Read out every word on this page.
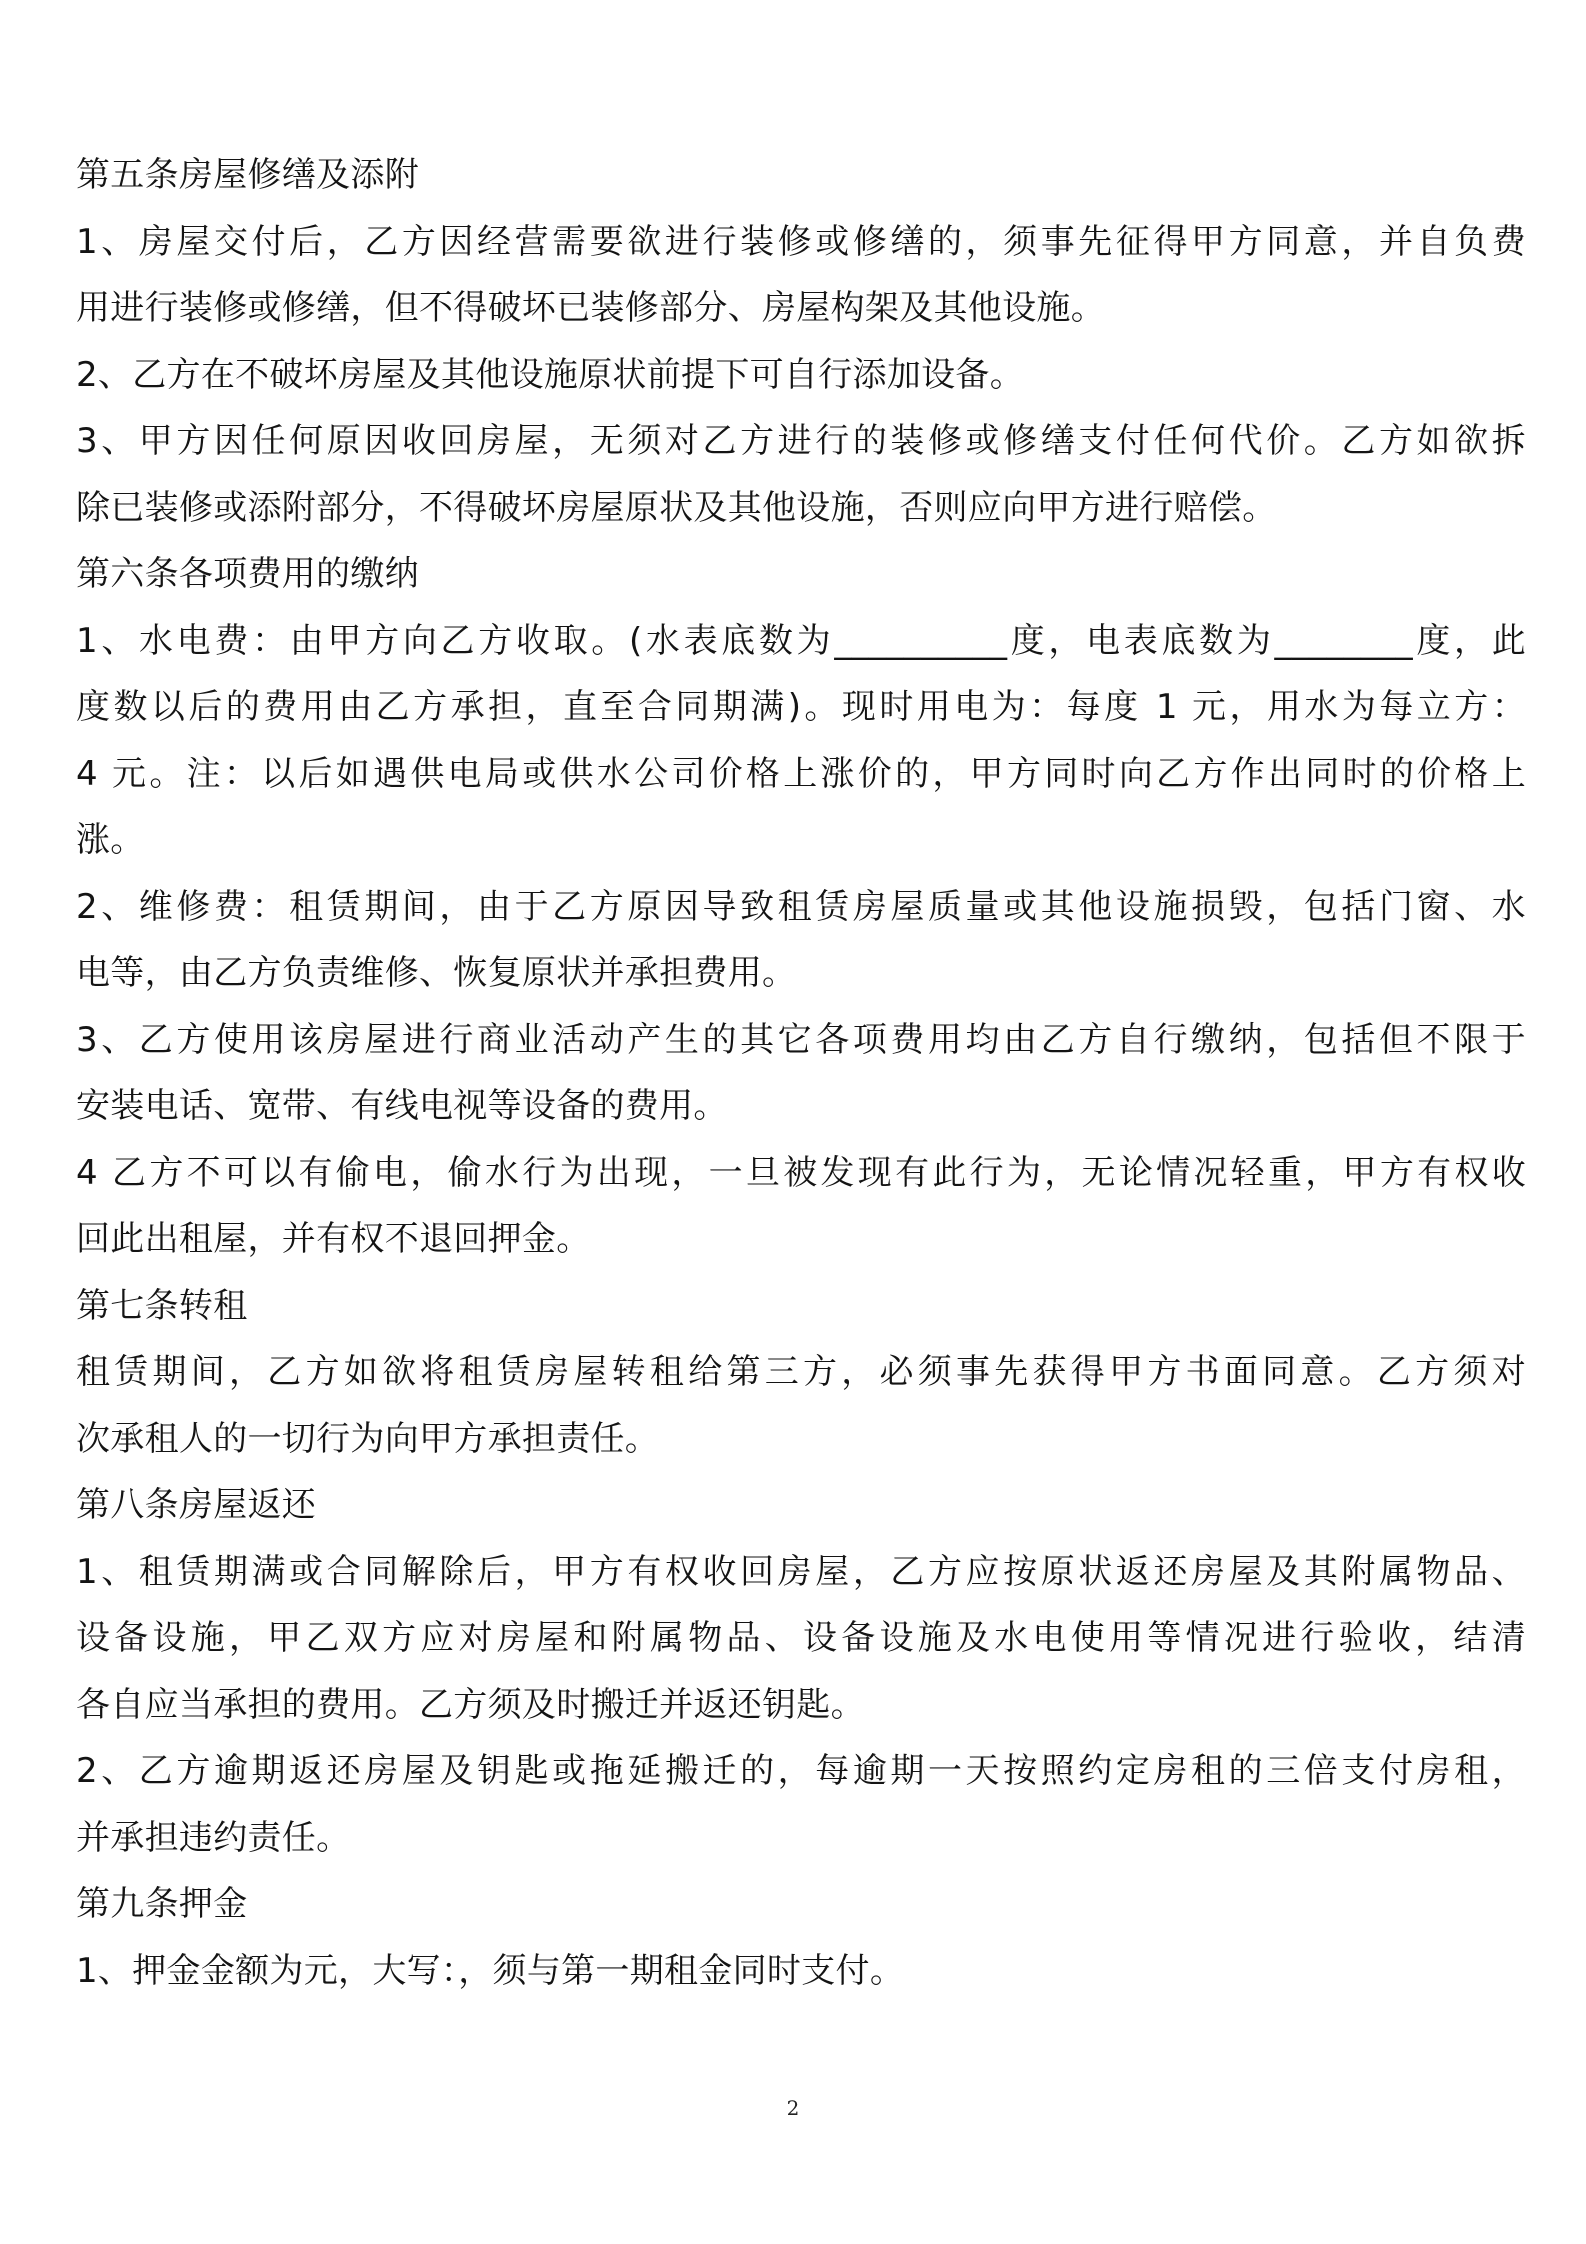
第五条房屋修缮及添附
1、房屋交付后，乙方因经营需要欲进行装修或修缮的，须事先征得甲方同意，并自负费
用进行装修或修缮，但不得破坏已装修部分、房屋构架及其他设施。
2、乙方在不破坏房屋及其他设施原状前提下可自行添加设备。
3、甲方因任何原因收回房屋，无须对乙方进行的装修或修缮支付任何代价。乙方如欲拆
除已装修或添附部分，不得破坏房屋原状及其他设施，否则应向甲方进行赔偿。
第六条各项费用的缴纳
1、水电费：由甲方向乙方收取。(水表底数为__________度，电表底数为________度，此
度数以后的费用由乙方承担，直至合同期满)。现时用电为：每度 1 元，用水为每立方：
4 元。注：以后如遇供电局或供水公司价格上涨价的，甲方同时向乙方作出同时的价格上
涨。
2、维修费：租赁期间，由于乙方原因导致租赁房屋质量或其他设施损毁，包括门窗、水
电等，由乙方负责维修、恢复原状并承担费用。
3、乙方使用该房屋进行商业活动产生的其它各项费用均由乙方自行缴纳，包括但不限于
安装电话、宽带、有线电视等设备的费用。
4 乙方不可以有偷电，偷水行为出现，一旦被发现有此行为，无论情况轻重，甲方有权收
回此出租屋，并有权不退回押金。
第七条转租
租赁期间，乙方如欲将租赁房屋转租给第三方，必须事先获得甲方书面同意。乙方须对
次承租人的一切行为向甲方承担责任。
第八条房屋返还
1、租赁期满或合同解除后，甲方有权收回房屋，乙方应按原状返还房屋及其附属物品、
设备设施，甲乙双方应对房屋和附属物品、设备设施及水电使用等情况进行验收，结清
各自应当承担的费用。乙方须及时搬迁并返还钥匙。
2、乙方逾期返还房屋及钥匙或拖延搬迁的，每逾期一天按照约定房租的三倍支付房租，
并承担违约责任。
第九条押金
1、押金金额为元，大写：，须与第一期租金同时支付。
2
